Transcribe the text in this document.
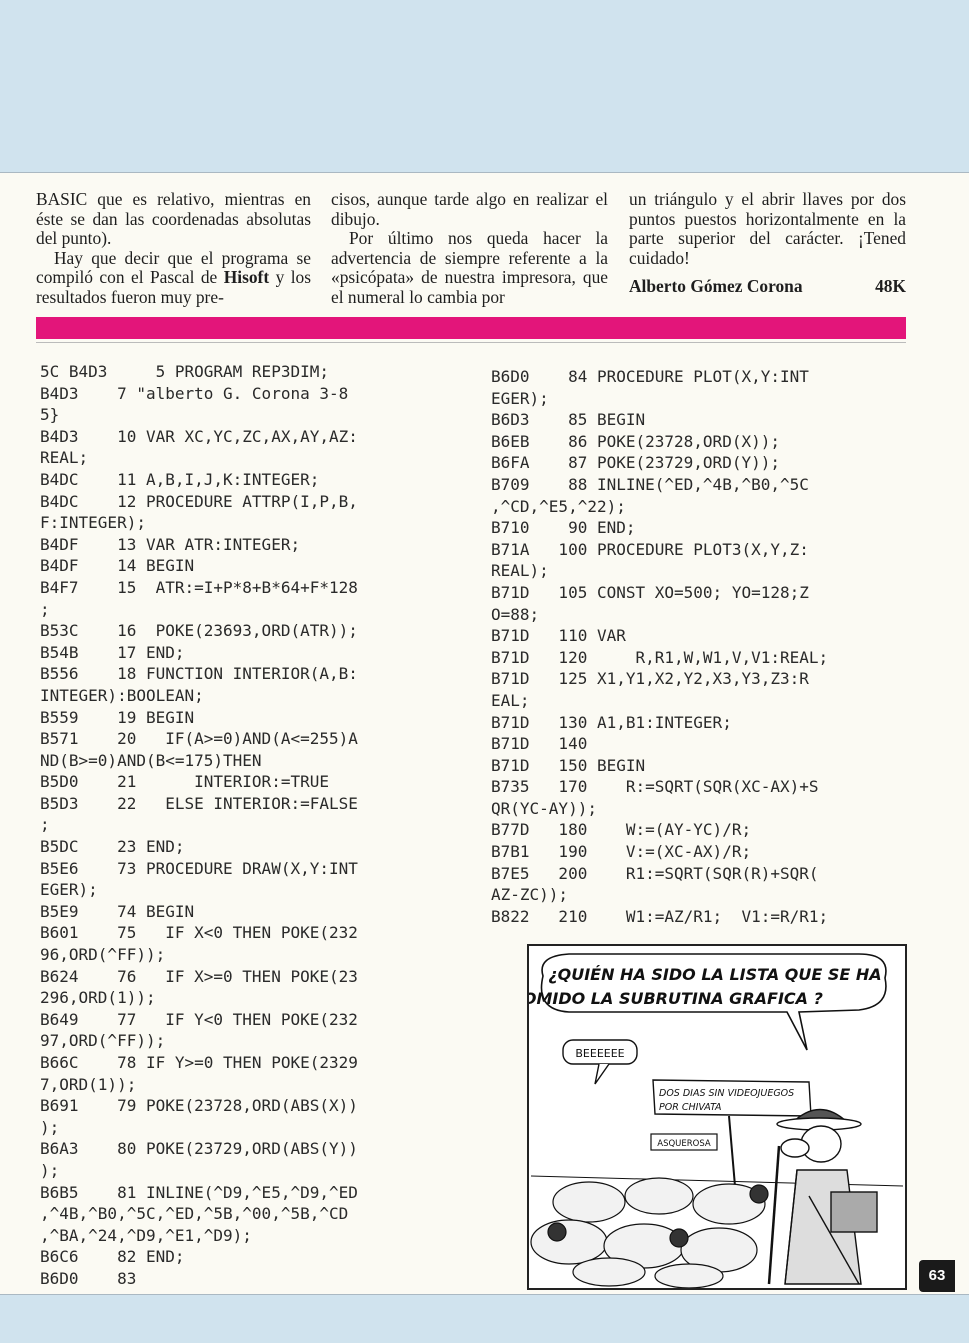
BASIC que es relativo, mientras en éste se dan las coordenadas absolutas del punto).

Hay que decir que el programa se compiló con el Pascal de Hisoft y los resultados fueron muy pre-

cisos, aunque tarde algo en realizar el dibujo.

Por último nos queda hacer la advertencia de siempre referente a la «psicópata» de nuestra impresora, que el numeral lo cambia por

un triángulo y el abrir llaves por dos puntos puestos horizontalmente en la parte superior del carácter. ¡Tened cuidado!

Alberto Gómez Corona	48K
5C B4D3     5 PROGRAM REP3DIM;
B4D3    7 "alberto G. Corona 3-8
5}
B4D3    10 VAR XC,YC,ZC,AX,AY,AZ:
REAL;
B4DC    11 A,B,I,J,K:INTEGER;
B4DC    12 PROCEDURE ATTRP(I,P,B,
F:INTEGER);
B4DF    13 VAR ATR:INTEGER;
B4DF    14 BEGIN
B4F7    15  ATR:=I+P*8+B*64+F*128
;
B53C    16  POKE(23693,ORD(ATR));
B54B    17 END;
B556    18 FUNCTION INTERIOR(A,B:
INTEGER):BOOLEAN;
B559    19 BEGIN
B571    20   IF(A>=0)AND(A<=255)A
ND(B>=0)AND(B<=175)THEN
B5D0    21      INTERIOR:=TRUE
B5D3    22   ELSE INTERIOR:=FALSE
;
B5DC    23 END;
B5E6    73 PROCEDURE DRAW(X,Y:INT
EGER);
B5E9    74 BEGIN
B601    75   IF X<0 THEN POKE(232
96,ORD(^FF));
B624    76   IF X>=0 THEN POKE(23
296,ORD(1));
B649    77   IF Y<0 THEN POKE(232
97,ORD(^FF));
B66C    78 IF Y>=0 THEN POKE(2329
7,ORD(1));
B691    79 POKE(23728,ORD(ABS(X))
);
B6A3    80 POKE(23729,ORD(ABS(Y))
);
B6B5    81 INLINE(^D9,^E5,^D9,^ED
,^4B,^B0,^5C,^ED,^5B,^00,^5B,^CD
,^BA,^24,^D9,^E1,^D9);
B6C6    82 END;
B6D0    83
B6D0    84 PROCEDURE PLOT(X,Y:INT
EGER);
B6D3    85 BEGIN
B6EB    86 POKE(23728,ORD(X));
B6FA    87 POKE(23729,ORD(Y));
B709    88 INLINE(^ED,^4B,^B0,^5C
,^CD,^E5,^22);
B710    90 END;
B71A   100 PROCEDURE PLOT3(X,Y,Z:
REAL);
B71D   105 CONST XO=500; YO=128;Z
O=88;
B71D   110 VAR
B71D   120     R,R1,W,W1,V,V1:REAL;
B71D   125 X1,Y1,X2,Y2,X3,Y3,Z3:R
EAL;
B71D   130 A1,B1:INTEGER;
B71D   140
B71D   150 BEGIN
B735   170    R:=SQRT(SQR(XC-AX)+S
QR(YC-AY));
B77D   180    W:=(AY-YC)/R;
B7B1   190    V:=(XC-AX)/R;
B7E5   200    R1:=SQRT(SQR(R)+SQR(
AZ-ZC));
B822   210    W1:=AZ/R1;  V1:=R/R1;
¿QUIÉN HA SIDO LA LISTA QUE SE HA
COMIDO LA SUBRUTINA GRAFICA ?
BEEEEEE
DOS DIAS SIN VIDEOJUEGOS
POR CHIVATA
ASQUEROSA
63
